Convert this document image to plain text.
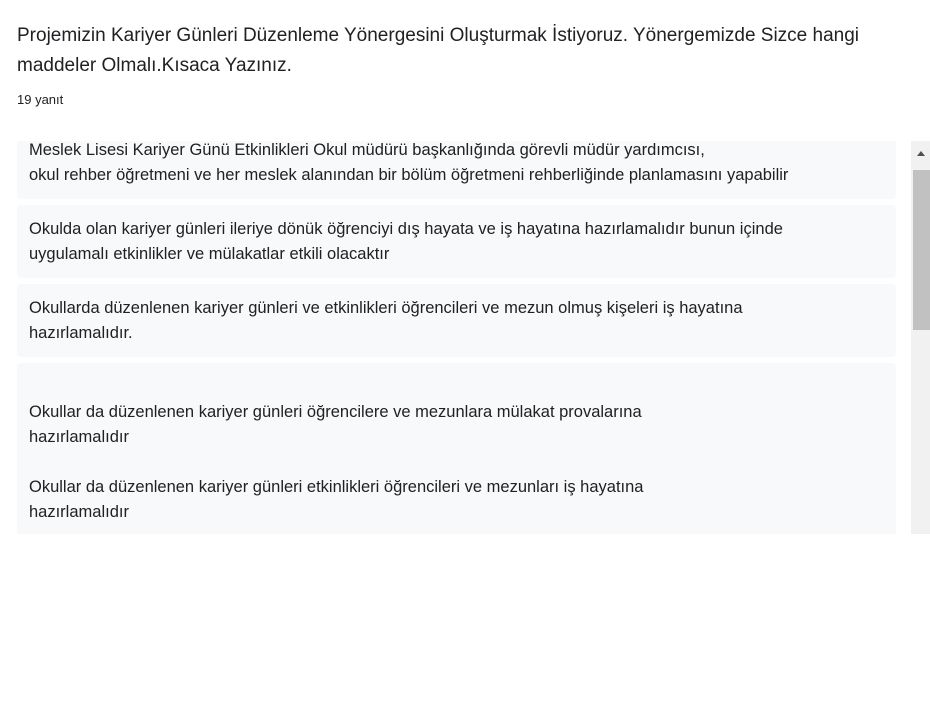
Projemizin Kariyer Günleri Düzenleme Yönergesini Oluşturmak İstiyoruz. Yönergemizde Sizce hangi maddeler Olmalı.Kısaca Yazınız.
19 yanıt
Meslek Lisesi Kariyer Günü Etkinlikleri Okul müdürü başkanlığında görevli müdür yardımcısı,
okul rehber öğretmeni ve her meslek alanından bir bölüm öğretmeni rehberliğinde planlamasını yapabilir
Okulda olan kariyer günleri ileriye dönük öğrenciyi dış hayata ve iş hayatına hazırlamalıdır bunun içinde
uygulamalı etkinlikler ve mülakatlar etkili olacaktır
Okullarda düzenlenen kariyer günleri ve etkinlikleri öğrencileri ve mezun olmuş kişeleri iş hayatına
hazırlamalıdır.
Okullar da düzenlenen kariyer günleri öğrencilere ve mezunlara mülakat provalarına
hazırlamalıdır
Okullar da düzenlenen kariyer günleri etkinlikleri öğrencileri ve mezunları iş hayatına
hazırlamalıdır
